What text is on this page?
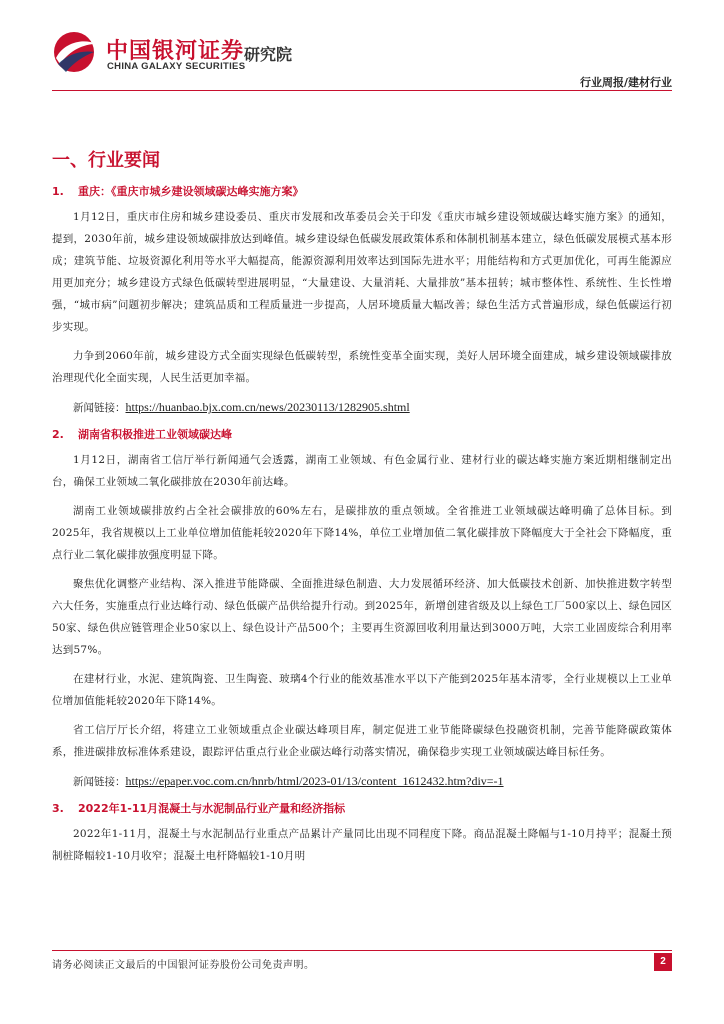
中国银河证券
CHINA GALAXY SECURITIES
研究院
行业周报/建材行业
一、行业要闻
1. 重庆：《重庆市城乡建设领域碳达峰实施方案》

1月12日，重庆市住房和城乡建设委员、重庆市发展和改革委员会关于印发《重庆市城乡建设领域碳达峰实施方案》的通知，提到，2030年前，城乡建设领域碳排放达到峰值。城乡建设绿色低碳发展政策体系和体制机制基本建立，绿色低碳发展模式基本形成；建筑节能、垃圾资源化利用等水平大幅提高，能源资源利用效率达到国际先进水平；用能结构和方式更加优化，可再生能源应用更加充分；城乡建设方式绿色低碳转型进展明显，“大量建设、大量消耗、大量排放”基本扭转；城市整体性、系统性、生长性增强，“城市病”问题初步解决；建筑品质和工程质量进一步提高，人居环境质量大幅改善；绿色生活方式普遍形成，绿色低碳运行初步实现。

力争到2060年前，城乡建设方式全面实现绿色低碳转型，系统性变革全面实现，美好人居环境全面建成，城乡建设领域碳排放治理现代化全面实现，人民生活更加幸福。

新闻链接：https://huanbao.bjx.com.cn/news/20230113/1282905.shtml
2. 湖南省积极推进工业领域碳达峰

1月12日，湖南省工信厅举行新闻通气会透露，湖南工业领域、有色金属行业、建材行业的碳达峰实施方案近期相继制定出台，确保工业领域二氧化碳排放在2030年前达峰。

湖南工业领域碳排放约占全社会碳排放的60%左右，是碳排放的重点领域。全省推进工业领域碳达峰明确了总体目标。到2025年，我省规模以上工业单位增加值能耗较2020年下降14%，单位工业增加值二氧化碳排放下降幅度大于全社会下降幅度，重点行业二氧化碳排放强度明显下降。

聚焦优化调整产业结构、深入推进节能降碳、全面推进绿色制造、大力发展循环经济、加大低碳技术创新、加快推进数字转型六大任务，实施重点行业达峰行动、绿色低碳产品供给提升行动。到2025年，新增创建省级及以上绿色工厂500家以上、绿色园区50家、绿色供应链管理企业50家以上、绿色设计产品500个；主要再生资源回收利用量达到3000万吨，大宗工业固废综合利用率达到57%。

在建材行业，水泥、建筑陶瓷、卫生陶瓷、玻璃4个行业的能效基准水平以下产能到2025年基本清零，全行业规模以上工业单位增加值能耗较2020年下降14%。

省工信厅厅长介绍，将建立工业领域重点企业碳达峰项目库，制定促进工业节能降碳绿色投融资机制，完善节能降碳政策体系，推进碳排放标准体系建设，跟踪评估重点行业企业碳达峰行动落实情况，确保稳步实现工业领域碳达峰目标任务。

新闻链接：https://epaper.voc.com.cn/hnrb/html/2023-01/13/content_1612432.htm?div=-1
3. 2022年1-11月混凝土与水泥制品行业产量和经济指标

2022年1-11月，混凝土与水泥制品行业重点产品累计产量同比出现不同程度下降。商品混凝土降幅与1-10月持平；混凝土预制桩降幅较1-10月收窄；混凝土电杆降幅较1-10月明

请务必阅读正文最后的中国银河证券股份公司免责声明。	2
